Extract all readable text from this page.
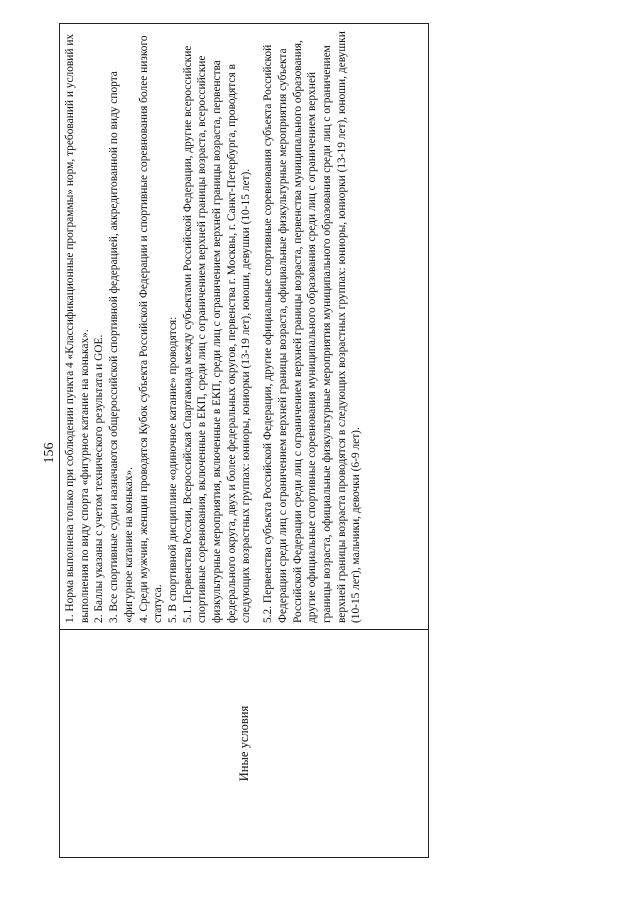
156
Иные условия

1. Норма выполнена только при соблюдении пункта 4 «Классификационные программы» норм, требований и условий их выполнения по виду спорта «фигурное катание на коньках». 2. Баллы указаны с учетом технического результата и GOE. 3. Все спортивные судьи назначаются общероссийской спортивной федерацией, аккредитованной по виду спорта «фигурное катание на коньках». 4. Среди мужчин, женщин проводятся Кубок субъекта Российской Федерации и спортивные соревнования более низкого статуса. 5. В спортивной дисциплине «одиночное катание» проводятся: 5.1. Первенства России, Всероссийская Спартакиада между субъектами Российской Федерации, другие всероссийские спортивные соревнования, включенные в ЕКП, среди лиц с ограничением верхней границы возраста, всероссийские физкультурные мероприятия, включенные в ЕКП, среди лиц с ограничением верхней границы возраста, первенства федерального округа, двух и более федеральных округов, первенства г. Москвы, г. Санкт-Петербурга, проводятся в следующих возрастных группах: юниоры, юниорки (13-19 лет), юноши, девушки (10-15 лет). 5.2. Первенства субъекта Российской Федерации, другие официальные спортивные соревнования субъекта Российской Федерации среди лиц с ограничением верхней границы возраста, официальные физкультурные мероприятия субъекта Российской Федерации среди лиц с ограничением верхней границы возраста, первенства муниципального образования, другие официальные спортивные соревнования муниципального образования среди лиц с ограничением верхней границы возраста, официальные физкультурные мероприятия муниципального образования среди лиц с ограничением верхней границы возраста проводятся в следующих возрастных группах: юниоры, юниорки (13-19 лет), юноши, девушки (10-15 лет), мальчики, девочки (6-9 лет).
